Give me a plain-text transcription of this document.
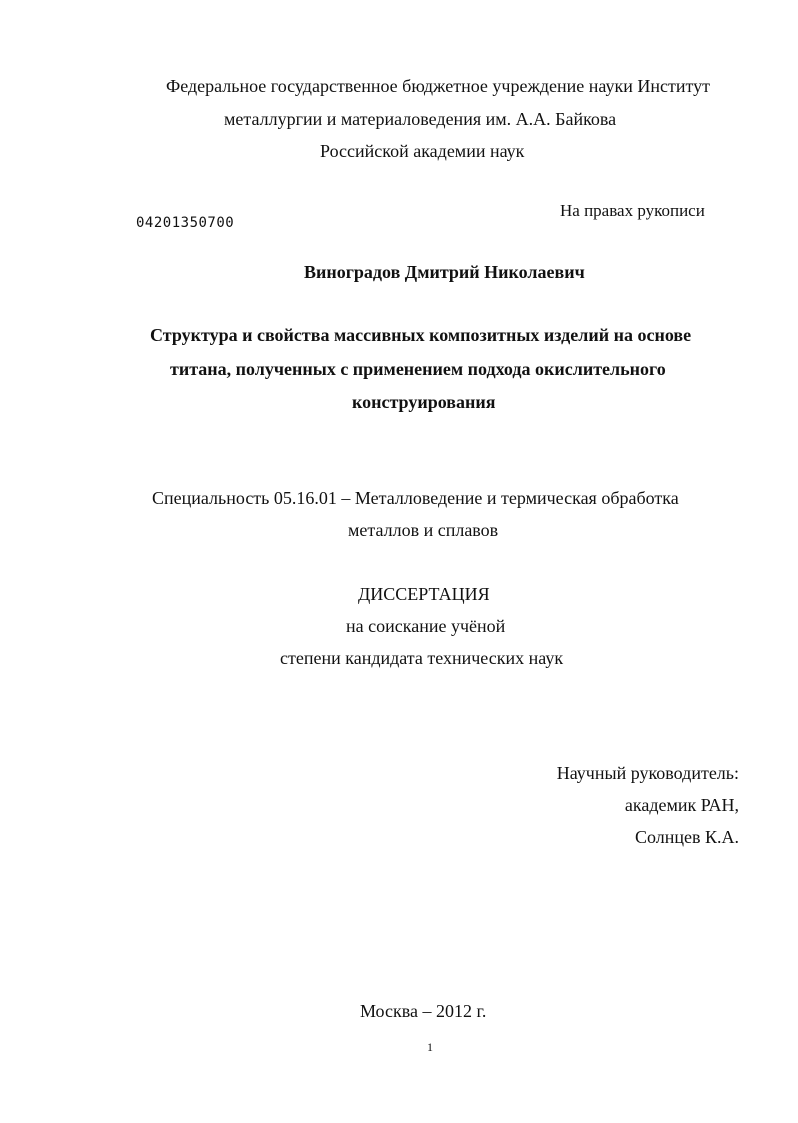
Федеральное государственное бюджетное учреждение науки Институт
металлургии и материаловедения им. А.А. Байкова
Российской академии наук
04201350700
На правах рукописи
Виноградов Дмитрий Николаевич
Структура и свойства массивных композитных изделий на основе
титана, полученных с применением подхода окислительного
конструирования
Специальность 05.16.01 – Металловедение и термическая обработка
металлов и сплавов
ДИССЕРТАЦИЯ
на соискание учёной
степени кандидата технических наук
Научный руководитель:
академик РАН,
Солнцев К.А.
Москва – 2012 г.
1
